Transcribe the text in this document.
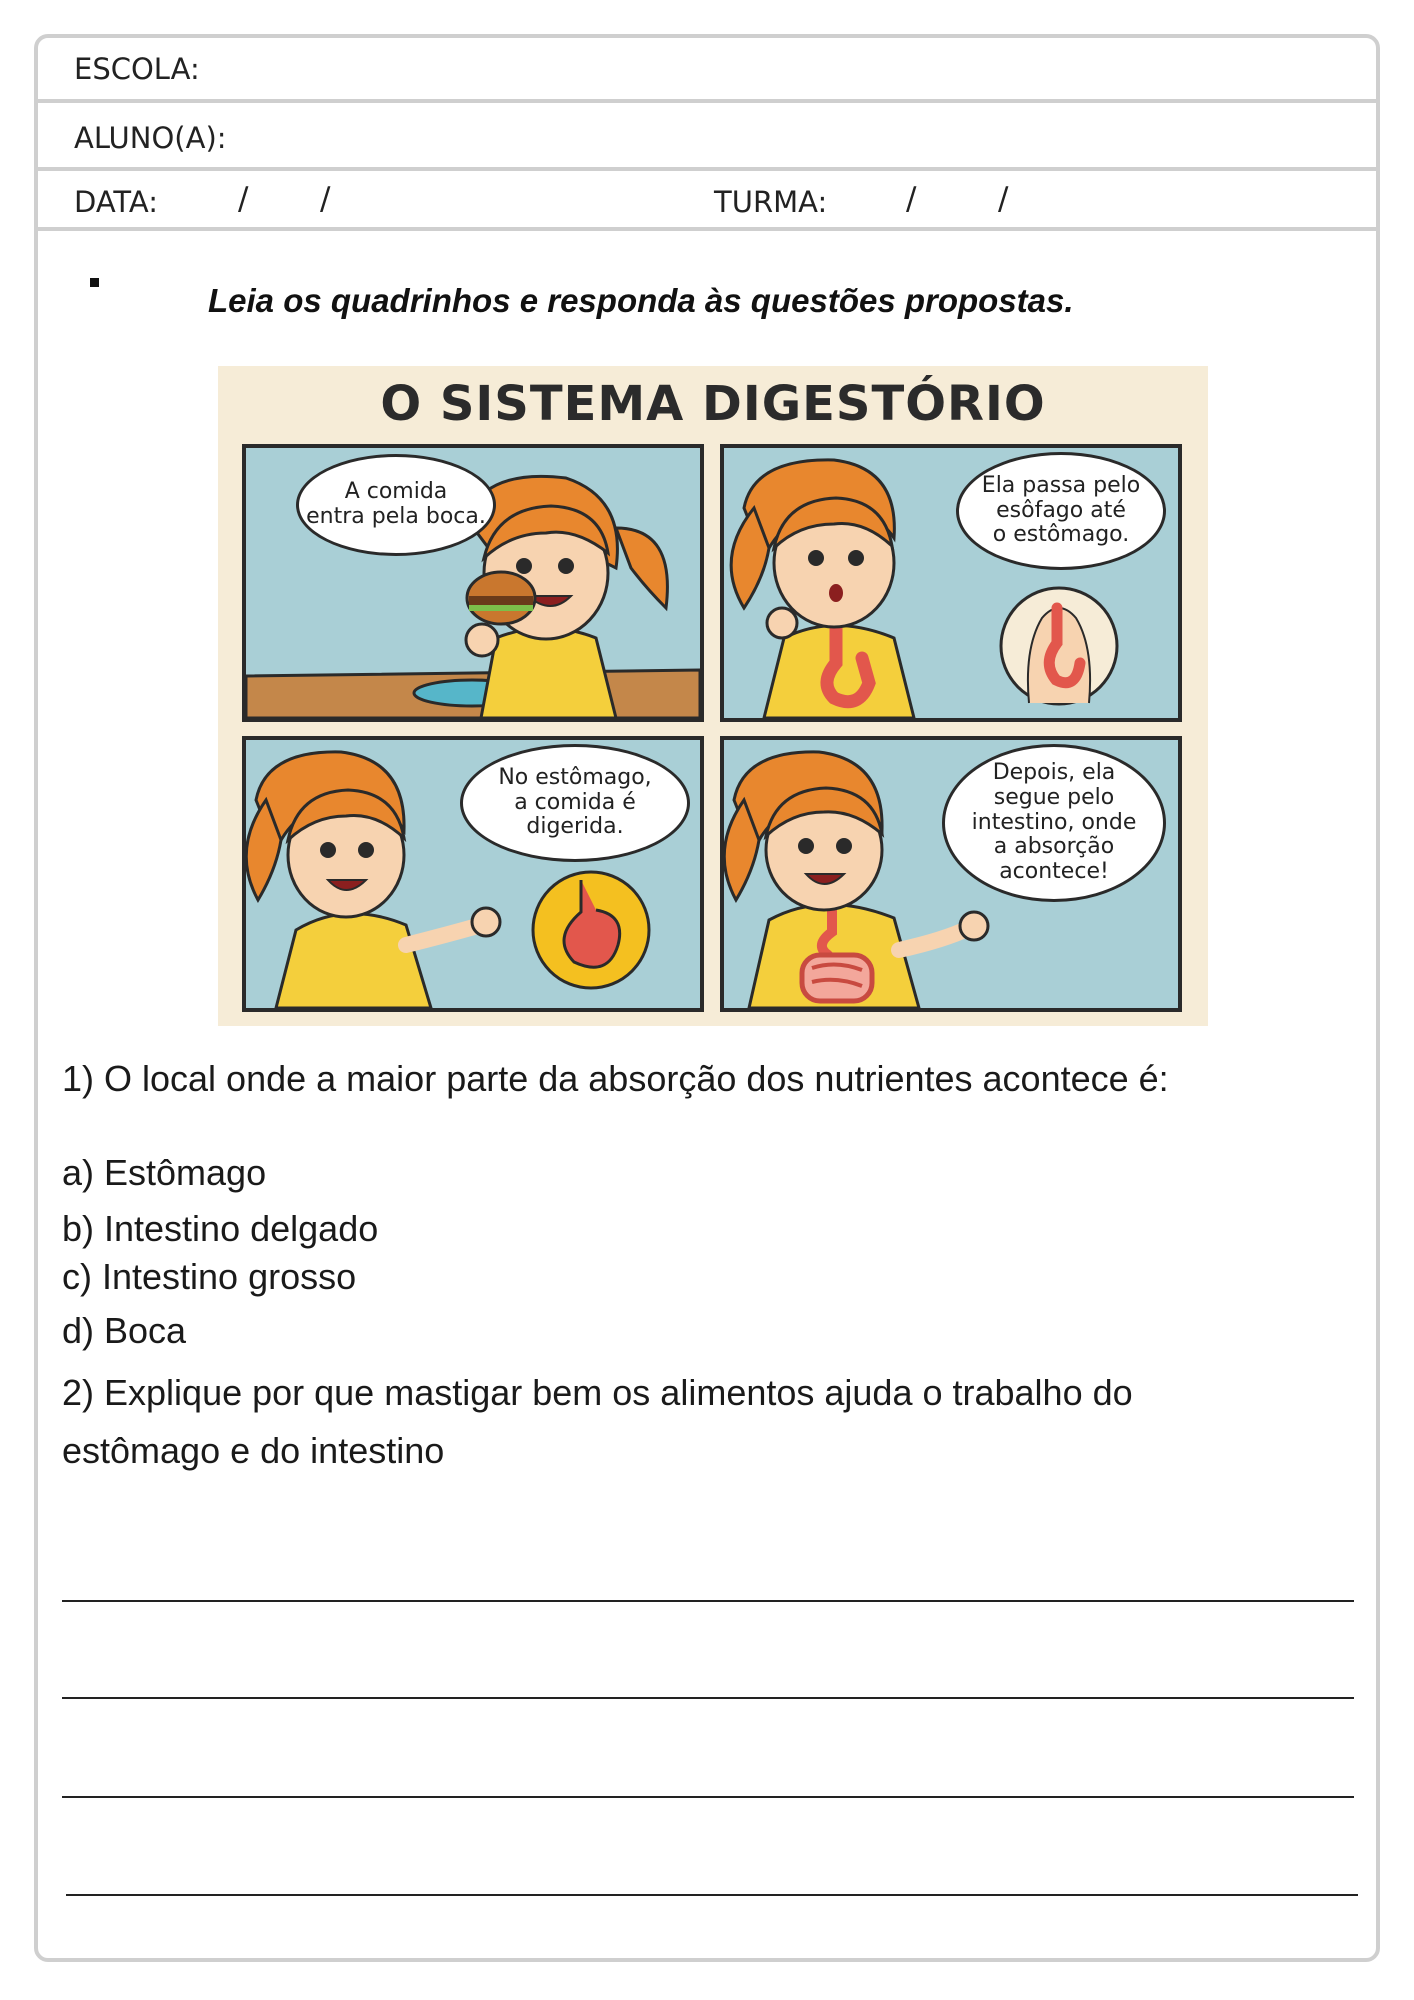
ESCOLA:
ALUNO(A):
DATA:	/ /	TURMA:	/	/
Leia os quadrinhos e responda às questões propostas.
O SISTEMA DIGESTÓRIO
A comida
entra pela boca.
Ela passa pelo
esôfago até
o estômago.
No estômago,
a comida é
digerida.
Depois, ela
segue pelo
intestino, onde
a absorção
acontece!
1) O local onde a maior parte da absorção dos nutrientes acontece é:
a) Estômago
b) Intestino delgado
c) Intestino grosso
d) Boca
2) Explique por que mastigar bem os alimentos ajuda o trabalho do estômago e do intestino
